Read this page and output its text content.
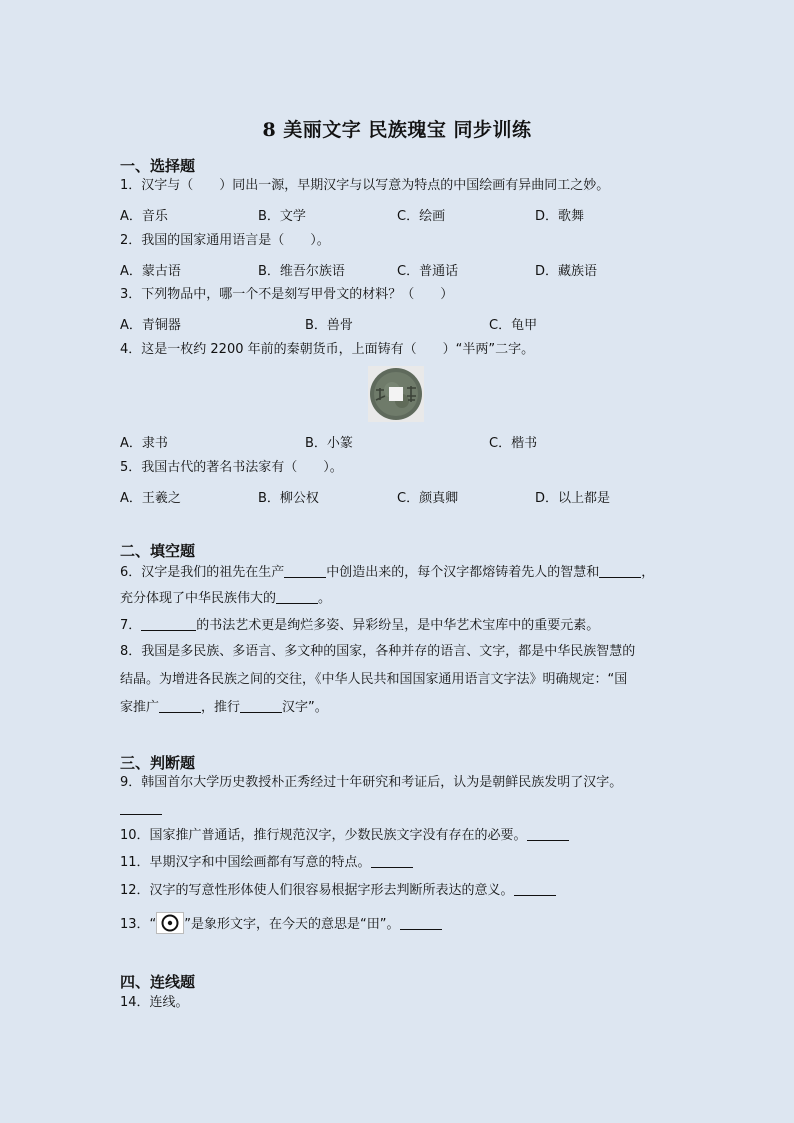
8 美丽文字 民族瑰宝 同步训练
一、选择题
1．汉字与（　　）同出一源，早期汉字与以写意为特点的中国绘画有异曲同工之妙。
A．音乐	B．文学	C．绘画	D．歌舞
2．我国的国家通用语言是（　　）。
A．蒙古语	B．维吾尔族语	C．普通话	D．藏族语
3．下列物品中，哪一个不是刻写甲骨文的材料？（　　）
A．青铜器	B．兽骨	C．龟甲
4．这是一枚约 2200 年前的秦朝货币，上面铸有（　　）“半两”二字。
A．隶书	B．小篆	C．楷书
5．我国古代的著名书法家有（　　）。
A．王羲之	B．柳公权	C．颜真卿	D．以上都是
二、填空题
6．汉字是我们的祖先在生产	中创造出来的，每个汉字都熔铸着先人的智慧和	，
充分体现了中华民族伟大的	。
7．	的书法艺术更是绚烂多姿、异彩纷呈，是中华艺术宝库中的重要元素。
8．我国是多民族、多语言、多文种的国家，各种并存的语言、文字，都是中华民族智慧的
结晶。为增进各民族之间的交往，《中华人民共和国国家通用语言文字法》明确规定：“国
家推广	，推行	汉字”。
三、判断题
9．韩国首尔大学历史教授朴正秀经过十年研究和考证后，认为是朝鲜民族发明了汉字。
10．国家推广普通话，推行规范汉字，少数民族文字没有存在的必要。
11．早期汉字和中国绘画都有写意的特点。
12．汉字的写意性形体使人们很容易根据字形去判断所表达的意义。
13．“ ”是象形文字，在今天的意思是“田”。
四、连线题
14．连线。
